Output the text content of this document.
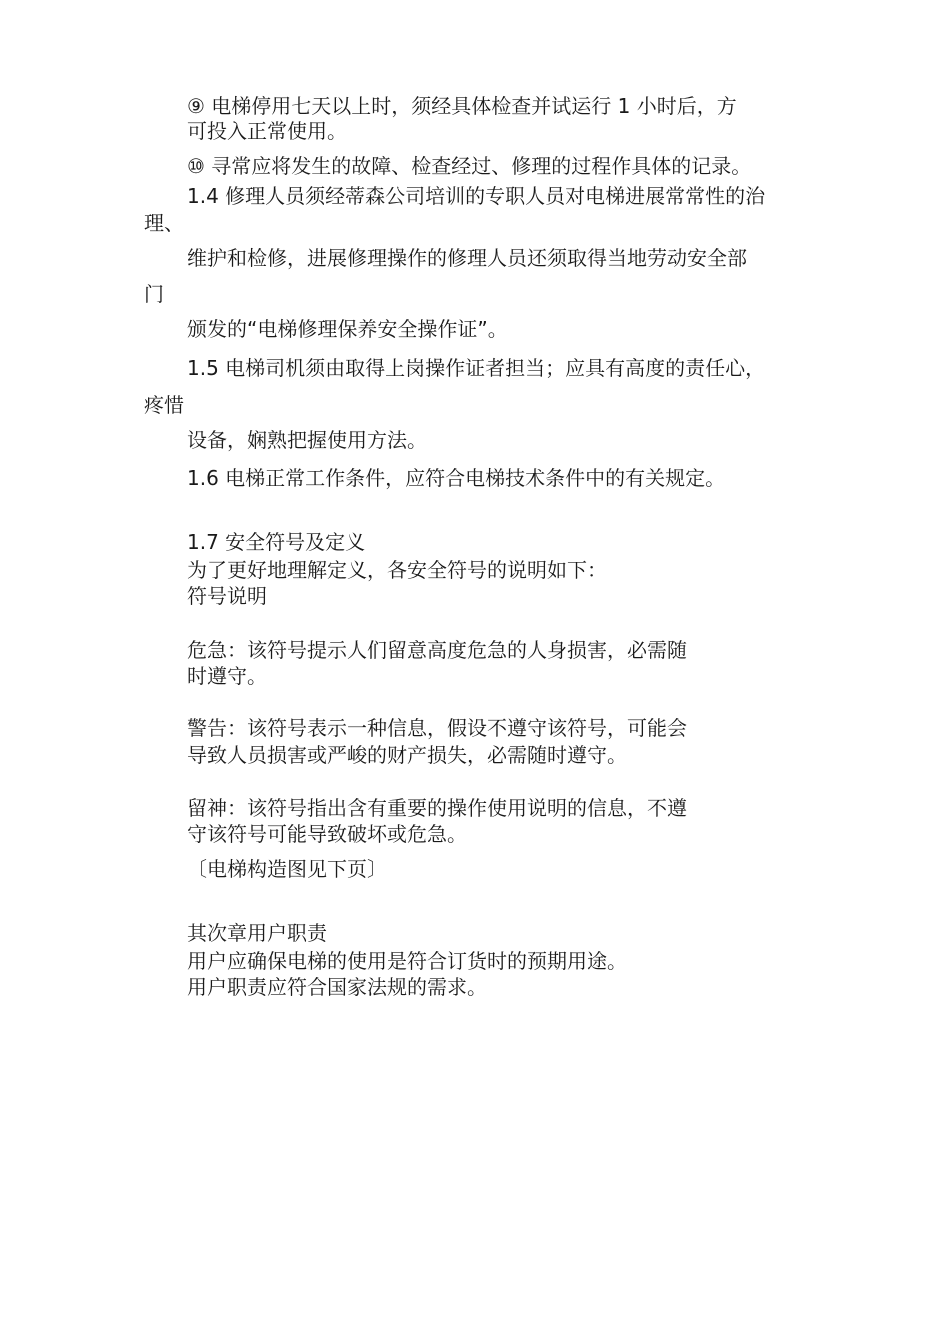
⑨ 电梯停用七天以上时，须经具体检查并试运行 1 小时后，方
可投入正常使用。
⑩ 寻常应将发生的故障、检查经过、修理的过程作具体的记录。
1.4 修理人员须经蒂森公司培训的专职人员对电梯进展常常性的治
理、
维护和检修，进展修理操作的修理人员还须取得当地劳动安全部
门
颁发的“电梯修理保养安全操作证”。
1.5 电梯司机须由取得上岗操作证者担当；应具有高度的责任心，
疼惜
设备，娴熟把握使用方法。
1.6 电梯正常工作条件，应符合电梯技术条件中的有关规定。
1.7 安全符号及定义
为了更好地理解定义，各安全符号的说明如下：
符号说明
危急：该符号提示人们留意高度危急的人身损害，必需随
时遵守。
警告：该符号表示一种信息，假设不遵守该符号，可能会
导致人员损害或严峻的财产损失，必需随时遵守。
留神：该符号指出含有重要的操作使用说明的信息，不遵
守该符号可能导致破坏或危急。
〔电梯构造图见下页〕
其次章用户职责
用户应确保电梯的使用是符合订货时的预期用途。
用户职责应符合国家法规的需求。
